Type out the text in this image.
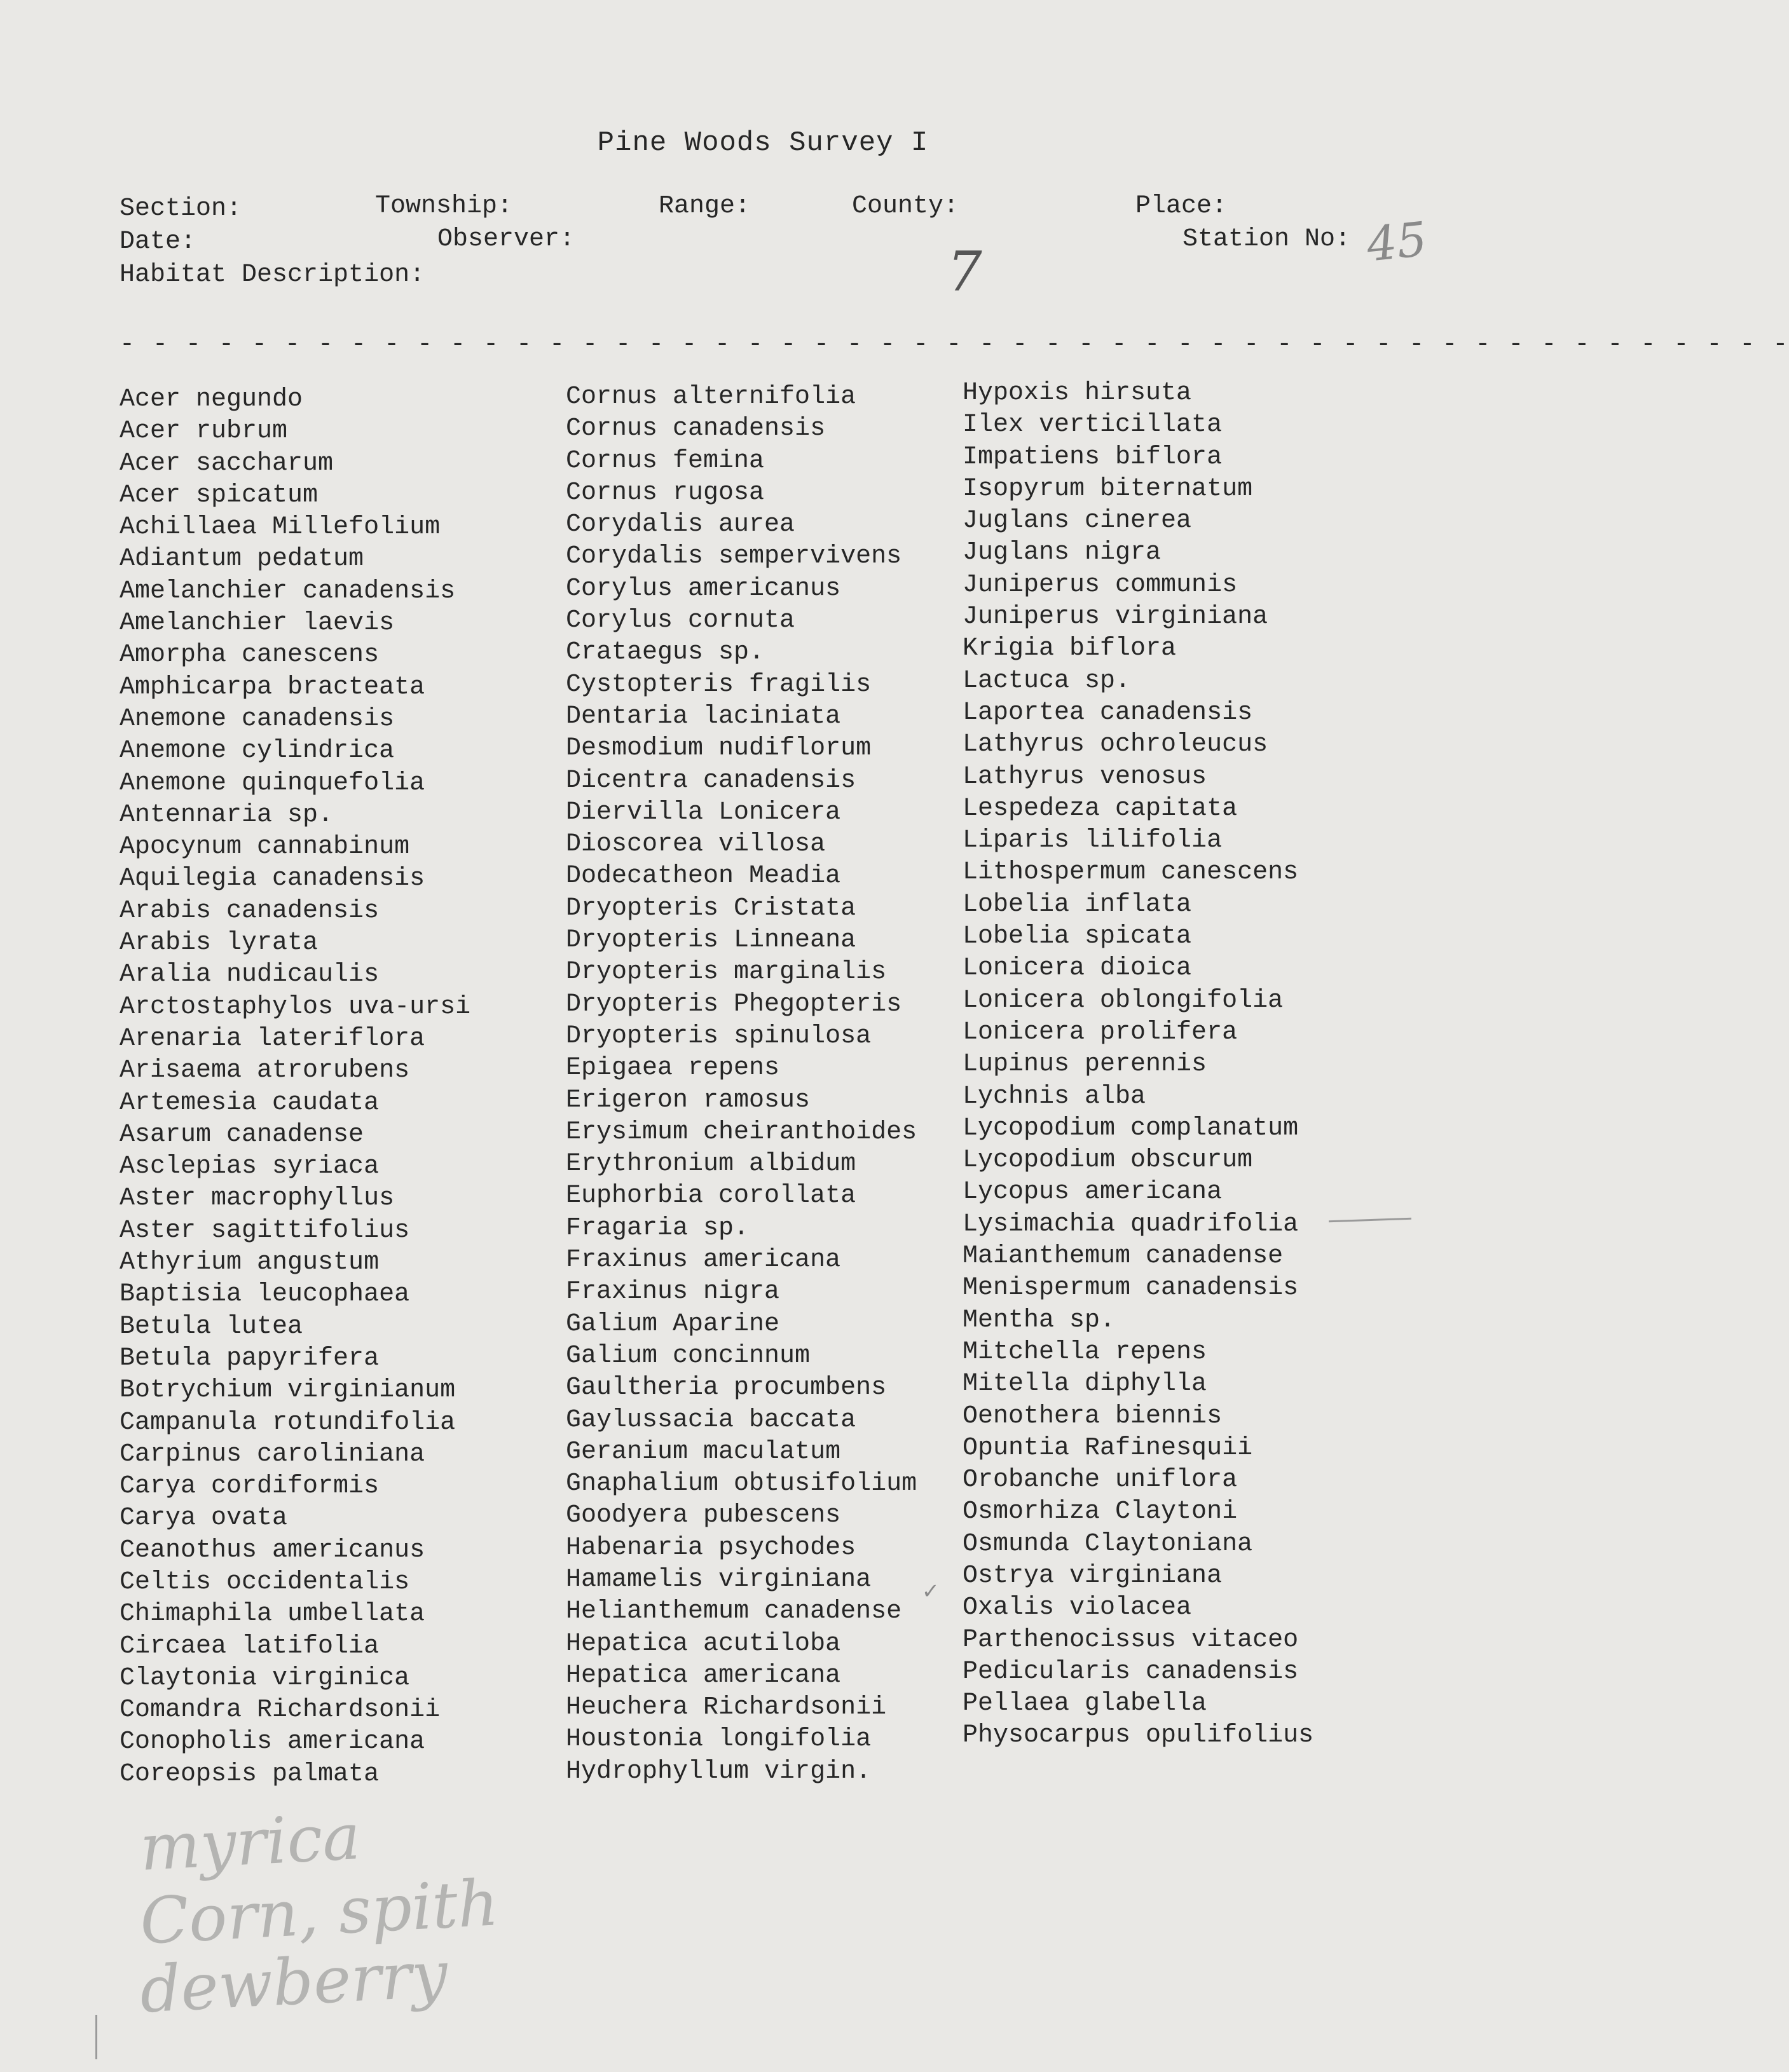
Pine Woods Survey I
Section:	Township:	Range:	County:	Place:
Date:	Observer:	Station No: 45
Habitat Description:	7
- - - - - - - - - - - - - - - - - - - - - - - - - - - - - - - - - - - - - - - - - - - - - - - - - - -
Acer negundo
Acer rubrum
Acer saccharum
Acer spicatum
Achillaea Millefolium
Adiantum pedatum
Amelanchier canadensis
Amelanchier laevis
Amorpha canescens
Amphicarpa bracteata
Anemone canadensis
Anemone cylindrica
Anemone quinquefolia
Antennaria sp.
Apocynum cannabinum
Aquilegia canadensis
Arabis canadensis
Arabis lyrata
Aralia nudicaulis
Arctostaphylos uva-ursi
Arenaria lateriflora
Arisaema atrorubens
Artemesia caudata
Asarum canadense
Asclepias syriaca
Aster macrophyllus
Aster sagittifolius
Athyrium angustum
Baptisia leucophaea
Betula lutea
Betula papyrifera
Botrychium virginianum
Campanula rotundifolia
Carpinus caroliniana
Carya cordiformis
Carya ovata
Ceanothus americanus
Celtis occidentalis
Chimaphila umbellata
Circaea latifolia
Claytonia virginica
Comandra Richardsonii
Conopholis americana
Coreopsis palmata
Cornus alternifolia
Cornus canadensis
Cornus femina
Cornus rugosa
Corydalis aurea
Corydalis sempervivens
Corylus americanus
Corylus cornuta
Crataegus sp.
Cystopteris fragilis
Dentaria laciniata
Desmodium nudiflorum
Dicentra canadensis
Diervilla Lonicera
Dioscorea villosa
Dodecatheon Meadia
Dryopteris Cristata
Dryopteris Linneana
Dryopteris marginalis
Dryopteris Phegopteris
Dryopteris spinulosa
Epigaea repens
Erigeron ramosus
Erysimum cheiranthoides
Erythronium albidum
Euphorbia corollata
Fragaria sp.
Fraxinus americana
Fraxinus nigra
Galium Aparine
Galium concinnum
Gaultheria procumbens
Gaylussacia baccata
Geranium maculatum
Gnaphalium obtusifolium
Goodyera pubescens
Habenaria psychodes
Hamamelis virginiana
Helianthemum canadense
Hepatica acutiloba
Hepatica americana
Heuchera Richardsonii
Houstonia longifolia
Hydrophyllum virgin.
Hypoxis hirsuta
Ilex verticillata
Impatiens biflora
Isopyrum biternatum
Juglans cinerea
Juglans nigra
Juniperus communis
Juniperus virginiana
Krigia biflora
Lactuca sp.
Laportea canadensis
Lathyrus ochroleucus
Lathyrus venosus
Lespedeza capitata
Liparis lilifolia
Lithospermum canescens
Lobelia inflata
Lobelia spicata
Lonicera dioica
Lonicera oblongifolia
Lonicera prolifera
Lupinus perennis
Lychnis alba
Lycopodium complanatum
Lycopodium obscurum
Lycopus americana
Lysimachia quadrifolia
Maianthemum canadense
Menispermum canadensis
Mentha sp.
Mitchella repens
Mitella diphylla
Oenothera biennis
Opuntia Rafinesquii
Orobanche uniflora
Osmorhiza Claytoni
Osmunda Claytoniana
Ostrya virginiana
Oxalis violacea
Parthenocissus vitaceo
Pedicularis canadensis
Pellaea glabella
Physocarpus opulifolius
✓
myrica
Corn, spith
dewberry
